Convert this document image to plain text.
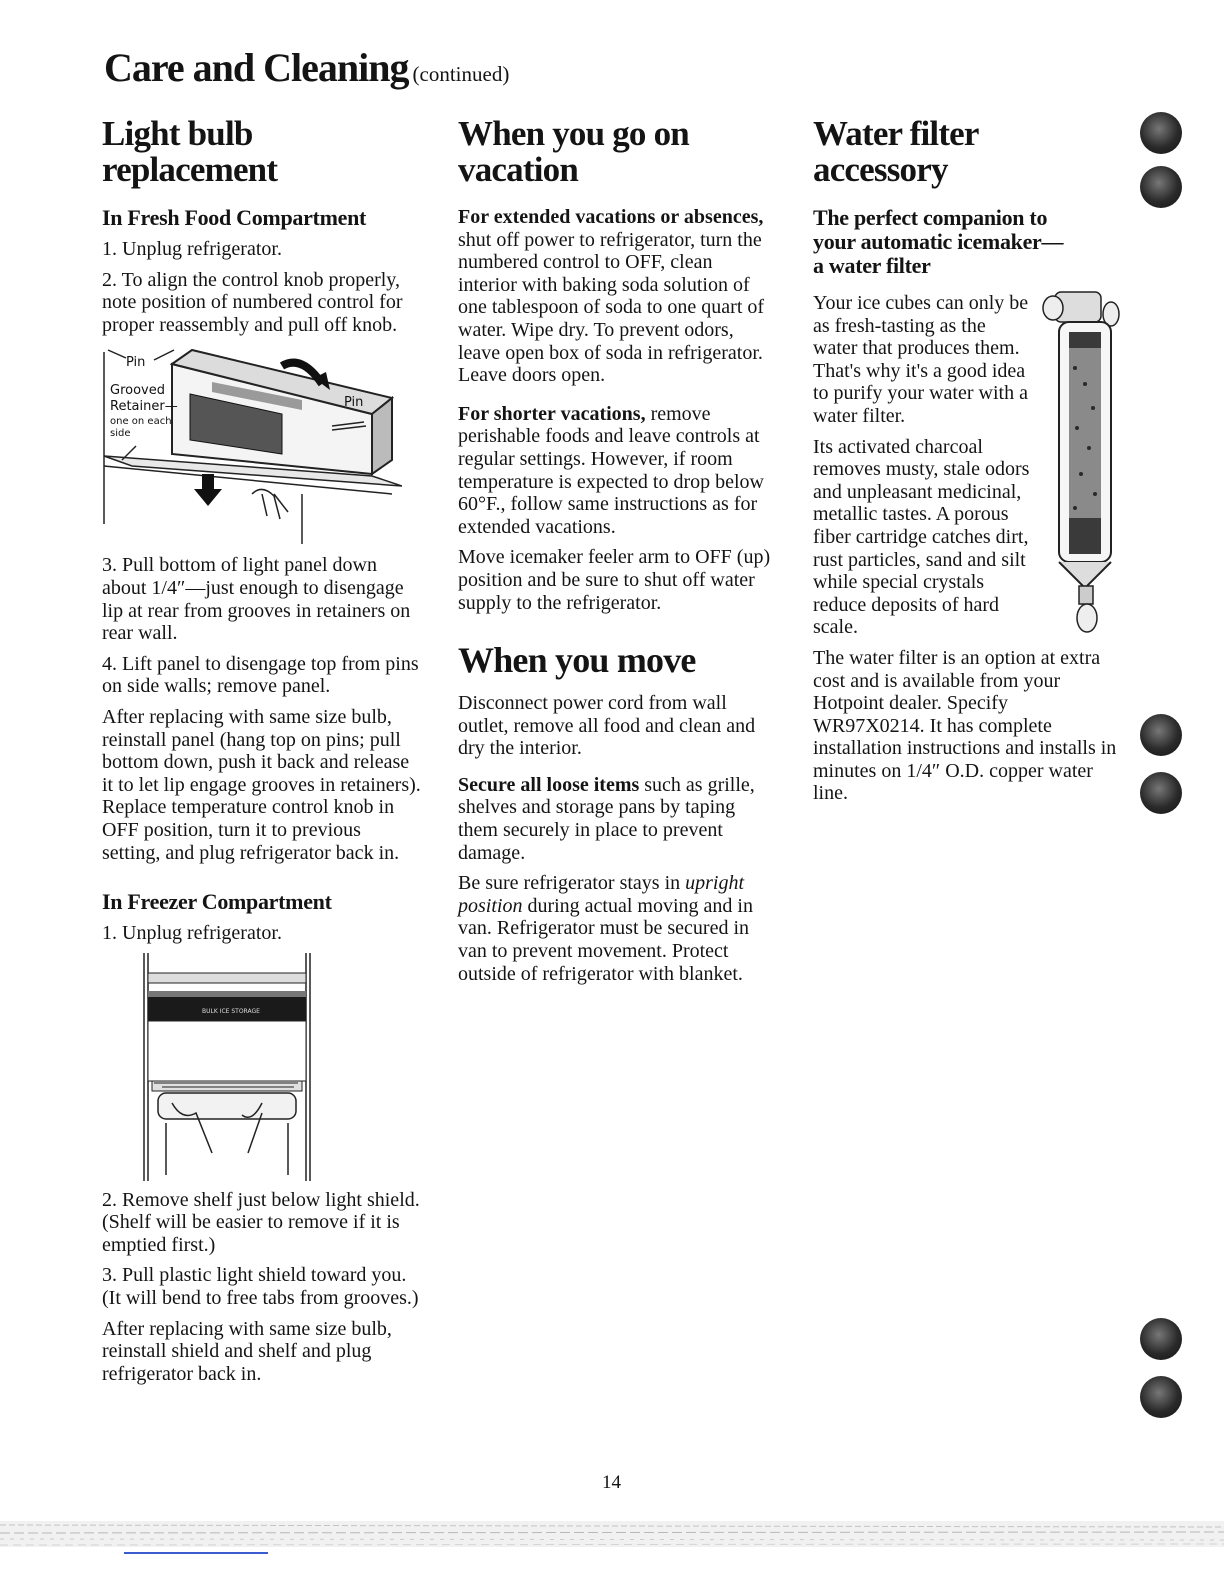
Care and Cleaning (continued)
Light bulb
replacement
In Fresh Food Compartment

1. Unplug refrigerator.

2. To align the control knob properly, note position of numbered control for proper reassembly and pull off knob.

Pin
Grooved
Retainer—
one on each
side
Pin

3. Pull bottom of light panel down about 1/4″—just enough to disengage lip at rear from grooves in retainers on rear wall.

4. Lift panel to disengage top from pins on side walls; remove panel.

After replacing with same size bulb, reinstall panel (hang top on pins; pull bottom down, push it back and release it to let lip engage grooves in retainers). Replace temperature control knob in OFF position, turn it to previous setting, and plug refrigerator back in.

In Freezer Compartment

1. Unplug refrigerator.

BULK ICE STORAGE

2. Remove shelf just below light shield. (Shelf will be easier to remove if it is emptied first.)

3. Pull plastic light shield toward you. (It will bend to free tabs from grooves.)

After replacing with same size bulb, reinstall shield and shelf and plug refrigerator back in.

When you go on
vacation

For extended vacations or absences, shut off power to refrigerator, turn the numbered control to OFF, clean interior with baking soda solution of one tablespoon of soda to one quart of water. Wipe dry. To prevent odors, leave open box of soda in refrigerator. Leave doors open.

For shorter vacations, remove perishable foods and leave controls at regular settings. However, if room temperature is expected to drop below 60°F., follow same instructions as for extended vacations.

Move icemaker feeler arm to OFF (up) position and be sure to shut off water supply to the refrigerator.

When you move

Disconnect power cord from wall outlet, remove all food and clean and dry the interior.

Secure all loose items such as grille, shelves and storage pans by taping them securely in place to prevent damage.

Be sure refrigerator stays in upright position during actual moving and in van. Refrigerator must be secured in van to prevent movement. Protect outside of refrigerator with blanket.

Water filter
accessory
The perfect companion to
your automatic icemaker—
a water filter

Your ice cubes can only be as fresh-tasting as the water that produces them. That's why it's a good idea to purify your water with a water filter.

Its activated charcoal removes musty, stale odors and unpleasant medicinal, metallic tastes. A porous fiber cartridge catches dirt, rust particles, sand and silt while special crystals reduce deposits of hard scale.

The water filter is an option at extra cost and is available from your Hotpoint dealer. Specify WR97X0214. It has complete installation instructions and installs in minutes on 1/4″ O.D. copper water line.

14
